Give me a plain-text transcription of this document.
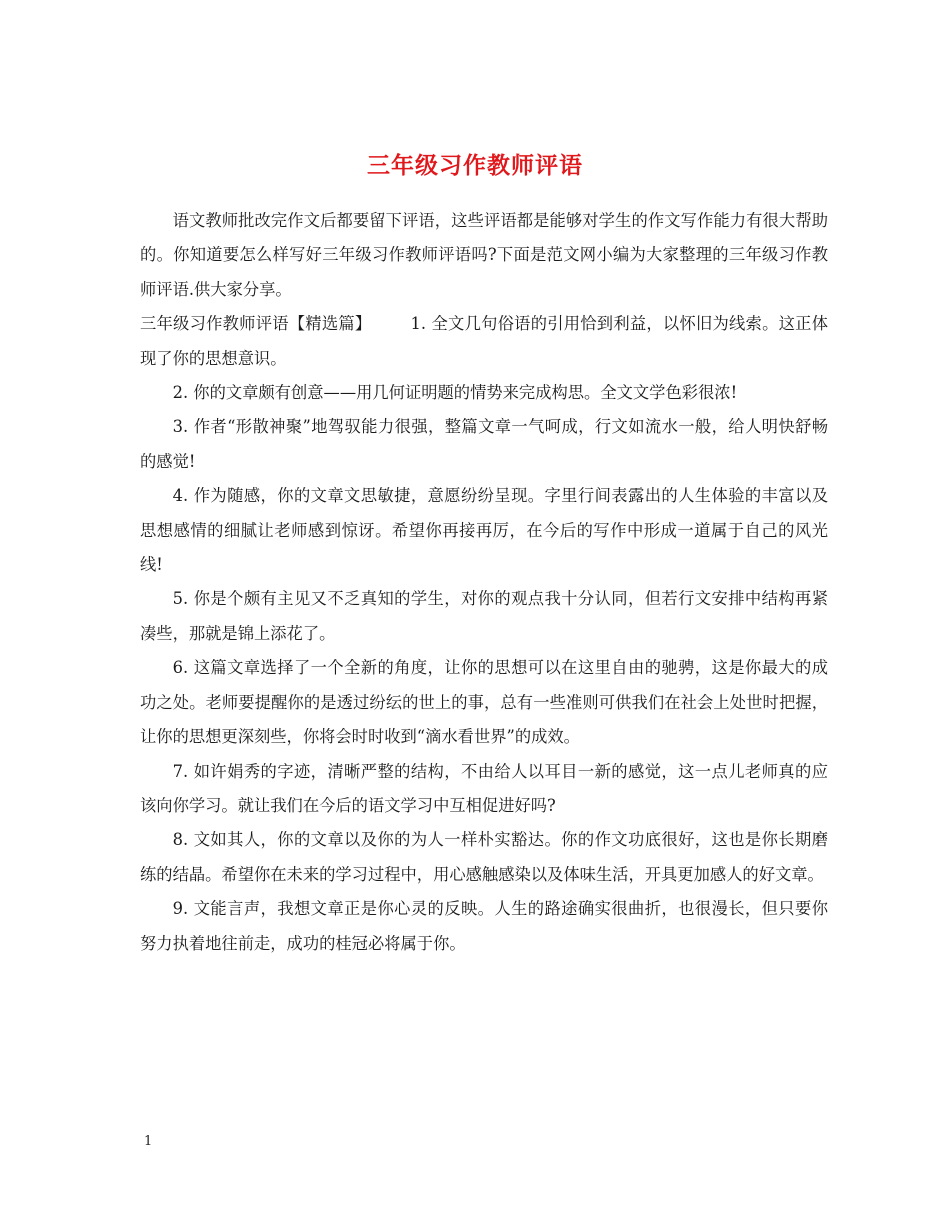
三年级习作教师评语

语文教师批改完作文后都要留下评语，这些评语都是能够对学生的作文写作能力有很大帮助的。你知道要怎么样写好三年级习作教师评语吗?下面是范文网小编为大家整理的三年级习作教师评语.供大家分享。

三年级习作教师评语【精选篇】 1. 全文几句俗语的引用恰到利益，以怀旧为线索。这正体现了你的思想意识。

2. 你的文章颇有创意——用几何证明题的情势来完成构思。全文文学色彩很浓!

3. 作者“形散神聚”地驾驭能力很强，整篇文章一气呵成，行文如流水一般，给人明快舒畅的感觉!

4. 作为随感，你的文章文思敏捷，意愿纷纷呈现。字里行间表露出的人生体验的丰富以及思想感情的细腻让老师感到惊讶。希望你再接再厉，在今后的写作中形成一道属于自己的风光线!

5. 你是个颇有主见又不乏真知的学生，对你的观点我十分认同，但若行文安排中结构再紧凑些，那就是锦上添花了。

6. 这篇文章选择了一个全新的角度，让你的思想可以在这里自由的驰骋，这是你最大的成功之处。老师要提醒你的是透过纷纭的世上的事，总有一些准则可供我们在社会上处世时把握，让你的思想更深刻些，你将会时时收到“滴水看世界”的成效。

7. 如许娟秀的字迹，清晰严整的结构，不由给人以耳目一新的感觉，这一点儿老师真的应该向你学习。就让我们在今后的语文学习中互相促进好吗?

8. 文如其人，你的文章以及你的为人一样朴实豁达。你的作文功底很好，这也是你长期磨练的结晶。希望你在未来的学习过程中，用心感触感染以及体味生活，开具更加感人的好文章。

9. 文能言声，我想文章正是你心灵的反映。人生的路途确实很曲折，也很漫长，但只要你努力执着地往前走，成功的桂冠必将属于你。

1
